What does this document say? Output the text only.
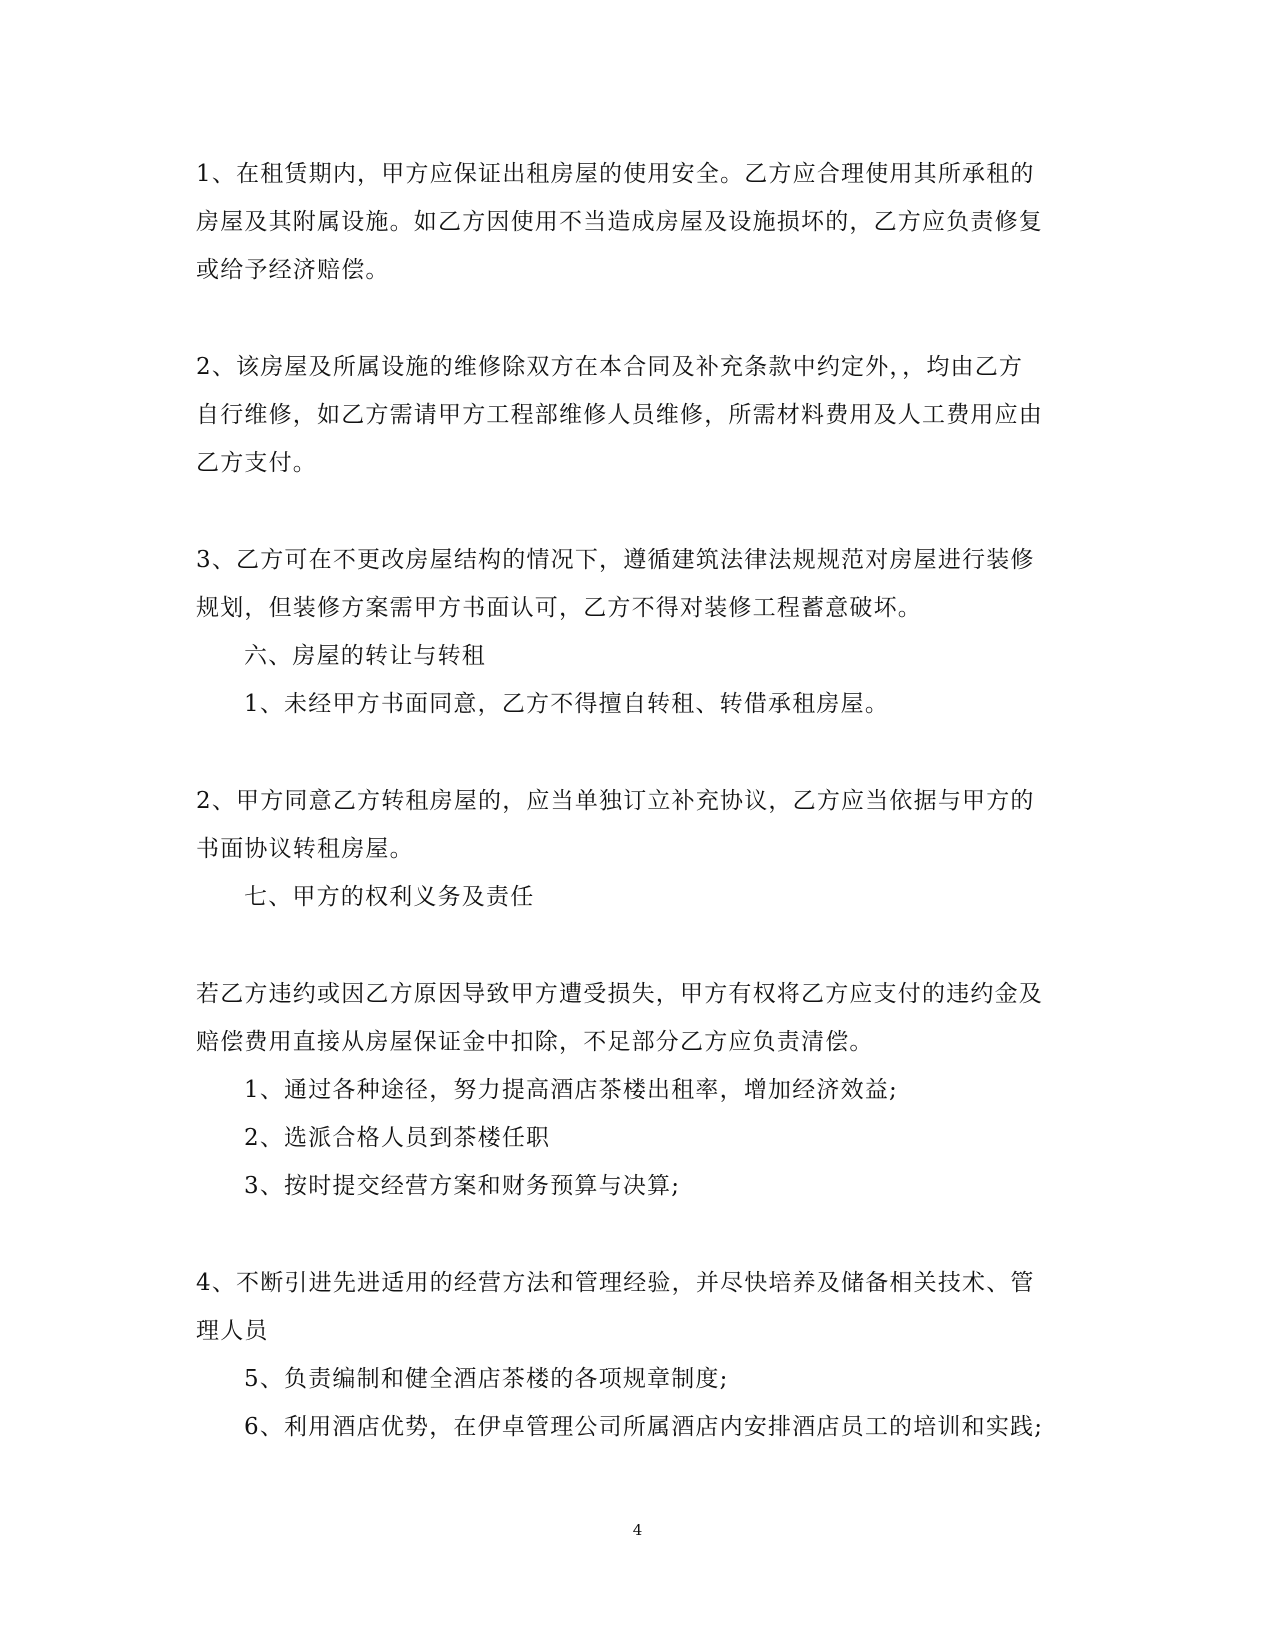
1、在租赁期内，甲方应保证出租房屋的使用安全。乙方应合理使用其所承租的
房屋及其附属设施。如乙方因使用不当造成房屋及设施损坏的，乙方应负责修复
或给予经济赔偿。
2、该房屋及所属设施的维修除双方在本合同及补充条款中约定外，，均由乙方
自行维修，如乙方需请甲方工程部维修人员维修，所需材料费用及人工费用应由
乙方支付。
3、乙方可在不更改房屋结构的情况下，遵循建筑法律法规规范对房屋进行装修
规划，但装修方案需甲方书面认可，乙方不得对装修工程蓄意破坏。
六、房屋的转让与转租
1、未经甲方书面同意，乙方不得擅自转租、转借承租房屋。
2、甲方同意乙方转租房屋的，应当单独订立补充协议，乙方应当依据与甲方的
书面协议转租房屋。
七、甲方的权利义务及责任
若乙方违约或因乙方原因导致甲方遭受损失，甲方有权将乙方应支付的违约金及
赔偿费用直接从房屋保证金中扣除，不足部分乙方应负责清偿。
1、通过各种途径，努力提高酒店茶楼出租率，增加经济效益;
2、选派合格人员到茶楼任职
3、按时提交经营方案和财务预算与决算;
4、不断引进先进适用的经营方法和管理经验，并尽快培养及储备相关技术、管
理人员
5、负责编制和健全酒店茶楼的各项规章制度;
6、利用酒店优势，在伊卓管理公司所属酒店内安排酒店员工的培训和实践;
4
